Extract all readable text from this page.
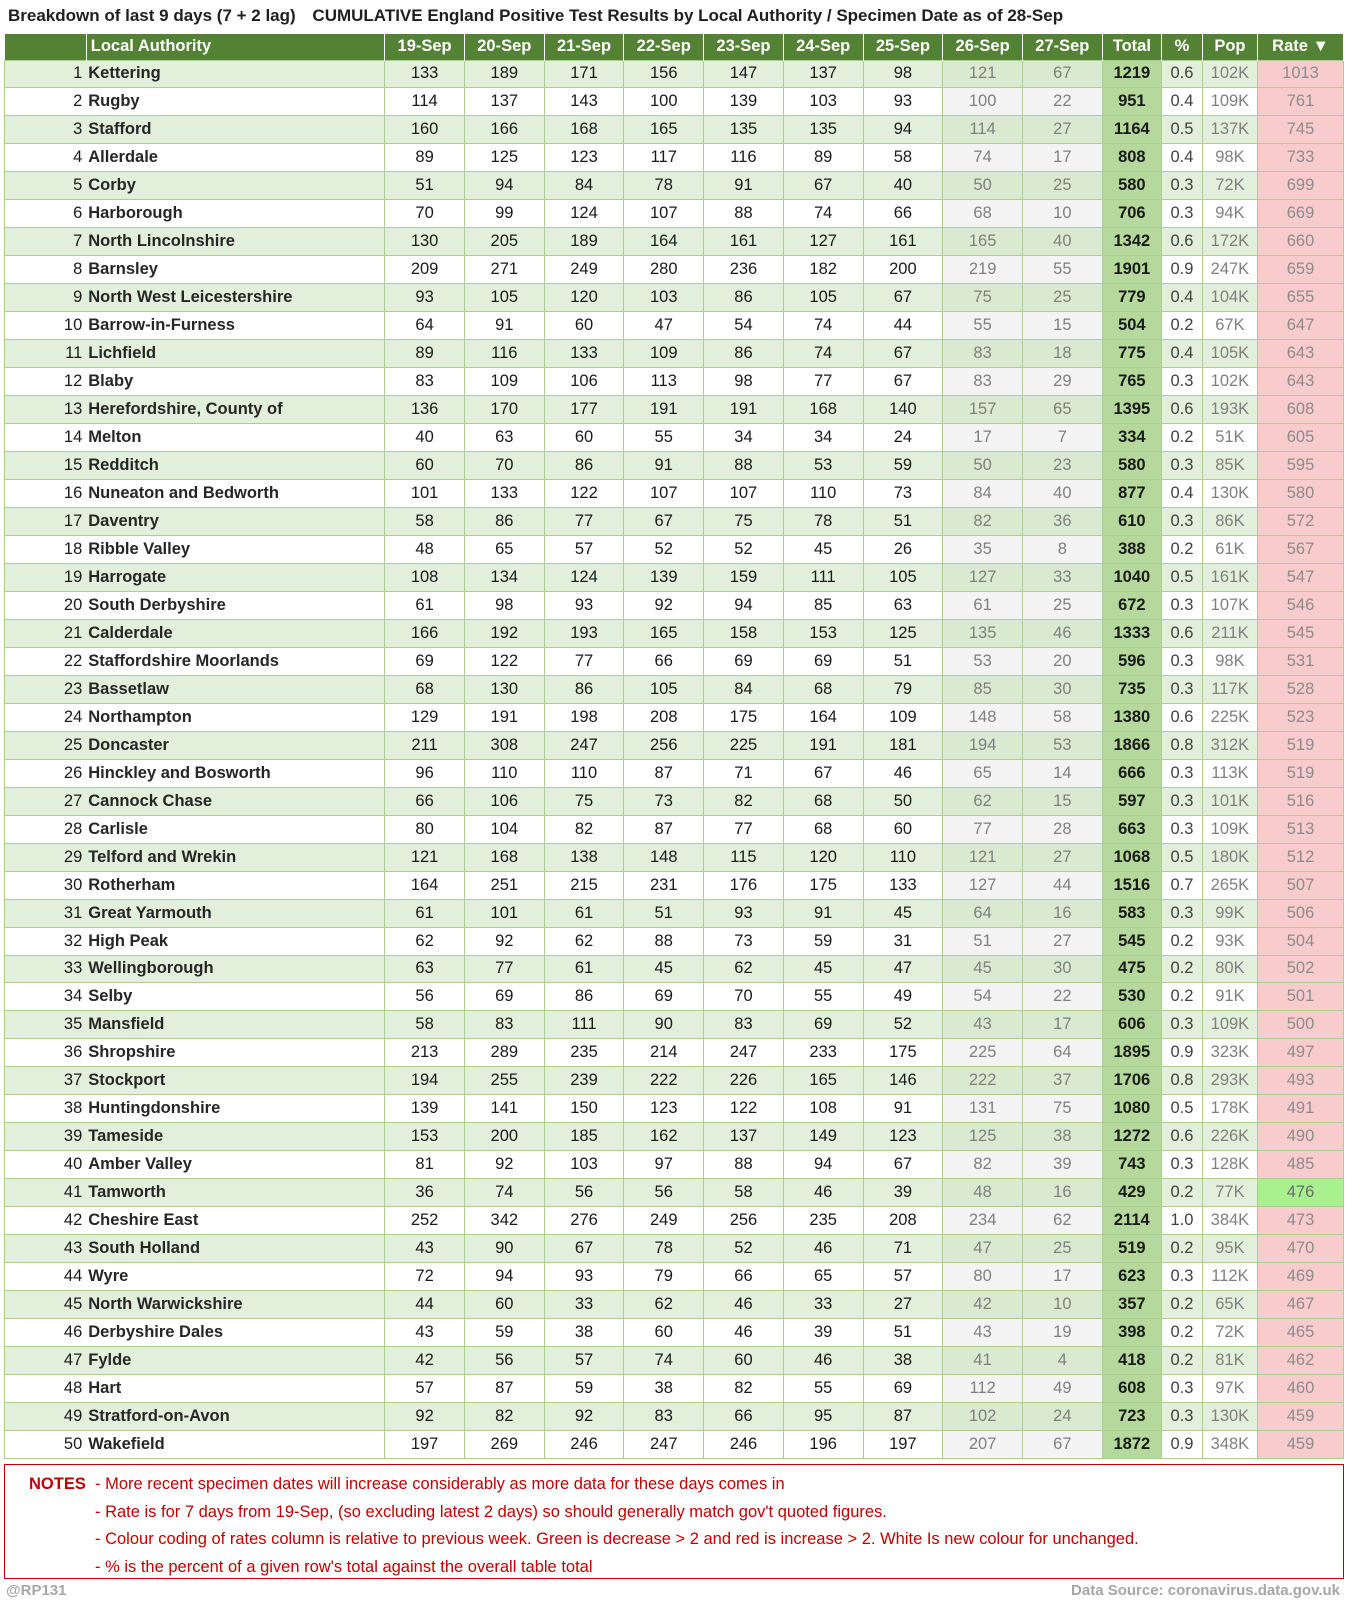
Breakdown of last 9 days (7 + 2 lag) CUMULATIVE England Positive Test Results by Local Authority / Specimen Date as of 28-Sep
	Local Authority	19-Sep	20-Sep	21-Sep	22-Sep	23-Sep	24-Sep	25-Sep	26-Sep	27-Sep	Total	%	Pop	Rate ▼
1	Kettering	133	189	171	156	147	137	98	121	67	1219	0.6	102K	1013
2	Rugby	114	137	143	100	139	103	93	100	22	951	0.4	109K	761
3	Stafford	160	166	168	165	135	135	94	114	27	1164	0.5	137K	745
4	Allerdale	89	125	123	117	116	89	58	74	17	808	0.4	98K	733
5	Corby	51	94	84	78	91	67	40	50	25	580	0.3	72K	699
6	Harborough	70	99	124	107	88	74	66	68	10	706	0.3	94K	669
7	North Lincolnshire	130	205	189	164	161	127	161	165	40	1342	0.6	172K	660
8	Barnsley	209	271	249	280	236	182	200	219	55	1901	0.9	247K	659
9	North West Leicestershire	93	105	120	103	86	105	67	75	25	779	0.4	104K	655
10	Barrow-in-Furness	64	91	60	47	54	74	44	55	15	504	0.2	67K	647
11	Lichfield	89	116	133	109	86	74	67	83	18	775	0.4	105K	643
12	Blaby	83	109	106	113	98	77	67	83	29	765	0.3	102K	643
13	Herefordshire, County of	136	170	177	191	191	168	140	157	65	1395	0.6	193K	608
14	Melton	40	63	60	55	34	34	24	17	7	334	0.2	51K	605
15	Redditch	60	70	86	91	88	53	59	50	23	580	0.3	85K	595
16	Nuneaton and Bedworth	101	133	122	107	107	110	73	84	40	877	0.4	130K	580
17	Daventry	58	86	77	67	75	78	51	82	36	610	0.3	86K	572
18	Ribble Valley	48	65	57	52	52	45	26	35	8	388	0.2	61K	567
19	Harrogate	108	134	124	139	159	111	105	127	33	1040	0.5	161K	547
20	South Derbyshire	61	98	93	92	94	85	63	61	25	672	0.3	107K	546
21	Calderdale	166	192	193	165	158	153	125	135	46	1333	0.6	211K	545
22	Staffordshire Moorlands	69	122	77	66	69	69	51	53	20	596	0.3	98K	531
23	Bassetlaw	68	130	86	105	84	68	79	85	30	735	0.3	117K	528
24	Northampton	129	191	198	208	175	164	109	148	58	1380	0.6	225K	523
25	Doncaster	211	308	247	256	225	191	181	194	53	1866	0.8	312K	519
26	Hinckley and Bosworth	96	110	110	87	71	67	46	65	14	666	0.3	113K	519
27	Cannock Chase	66	106	75	73	82	68	50	62	15	597	0.3	101K	516
28	Carlisle	80	104	82	87	77	68	60	77	28	663	0.3	109K	513
29	Telford and Wrekin	121	168	138	148	115	120	110	121	27	1068	0.5	180K	512
30	Rotherham	164	251	215	231	176	175	133	127	44	1516	0.7	265K	507
31	Great Yarmouth	61	101	61	51	93	91	45	64	16	583	0.3	99K	506
32	High Peak	62	92	62	88	73	59	31	51	27	545	0.2	93K	504
33	Wellingborough	63	77	61	45	62	45	47	45	30	475	0.2	80K	502
34	Selby	56	69	86	69	70	55	49	54	22	530	0.2	91K	501
35	Mansfield	58	83	111	90	83	69	52	43	17	606	0.3	109K	500
36	Shropshire	213	289	235	214	247	233	175	225	64	1895	0.9	323K	497
37	Stockport	194	255	239	222	226	165	146	222	37	1706	0.8	293K	493
38	Huntingdonshire	139	141	150	123	122	108	91	131	75	1080	0.5	178K	491
39	Tameside	153	200	185	162	137	149	123	125	38	1272	0.6	226K	490
40	Amber Valley	81	92	103	97	88	94	67	82	39	743	0.3	128K	485
41	Tamworth	36	74	56	56	58	46	39	48	16	429	0.2	77K	476
42	Cheshire East	252	342	276	249	256	235	208	234	62	2114	1.0	384K	473
43	South Holland	43	90	67	78	52	46	71	47	25	519	0.2	95K	470
44	Wyre	72	94	93	79	66	65	57	80	17	623	0.3	112K	469
45	North Warwickshire	44	60	33	62	46	33	27	42	10	357	0.2	65K	467
46	Derbyshire Dales	43	59	38	60	46	39	51	43	19	398	0.2	72K	465
47	Fylde	42	56	57	74	60	46	38	41	4	418	0.2	81K	462
48	Hart	57	87	59	38	82	55	69	112	49	608	0.3	97K	460
49	Stratford-on-Avon	92	82	92	83	66	95	87	102	24	723	0.3	130K	459
50	Wakefield	197	269	246	247	246	196	197	207	67	1872	0.9	348K	459
NOTES - More recent specimen dates will increase considerably as more data for these days comes in
- Rate is for 7 days from 19-Sep, (so excluding latest 2 days) so should generally match gov't quoted figures.
- Colour coding of rates column is relative to previous week. Green is decrease > 2 and red is increase > 2. White Is new colour for unchanged.
- % is the percent of a given row's total against the overall table total
@RP131	Data Source: coronavirus.data.gov.uk
